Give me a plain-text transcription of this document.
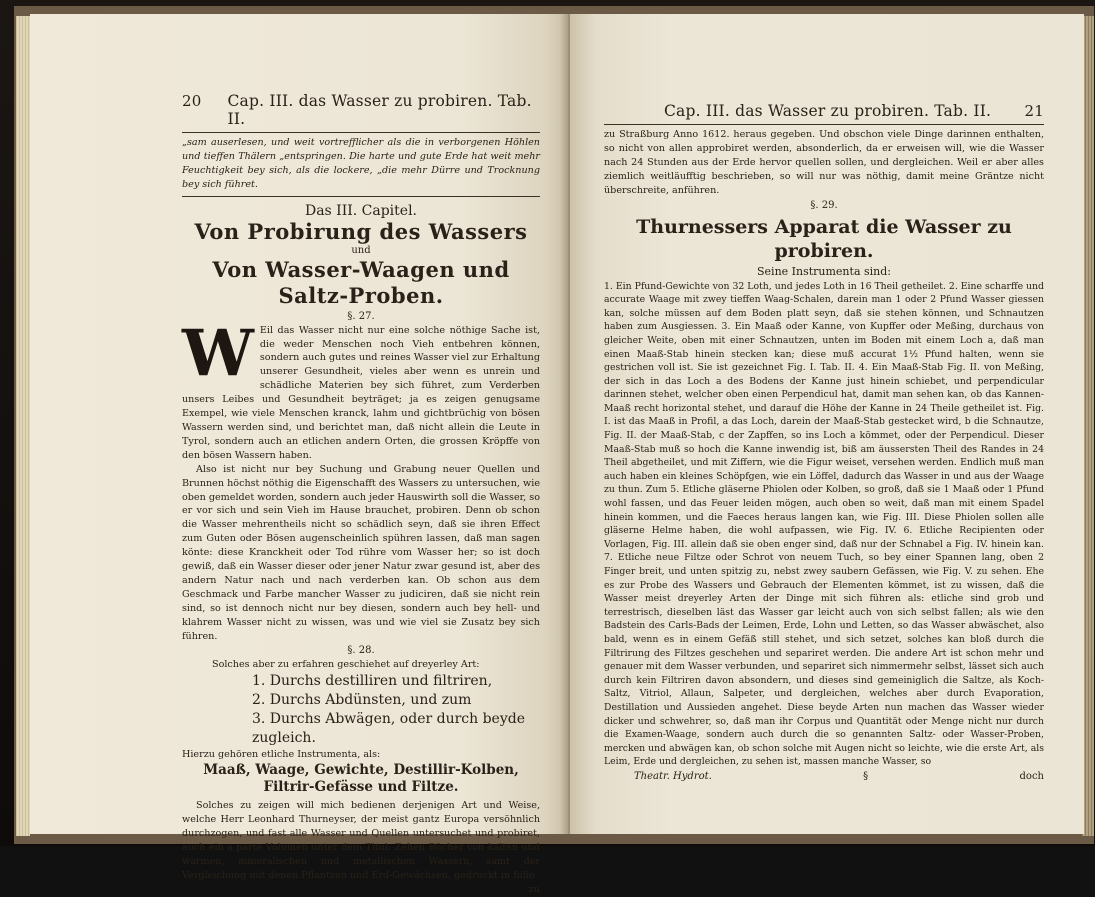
20 Cap. III. das Wasser zu probiren. Tab. II.
„sam auserlesen, und weit vortrefflicher als die in verborgenen Höhlen und tieffen Thälern „entspringen. Die harte und gute Erde hat weit mehr Feuchtigkeit bey sich, als die lockere, „die mehr Dürre und Trocknung bey sich führet.
Das III. Capitel.
Von Probirung des Wassers
und
Von Wasser-Waagen und Saltz-Proben.
§. 27.
W Eil das Wasser nicht nur eine solche nöthige Sache ist, die weder Menschen noch Vieh entbehren können, sondern auch gutes und reines Wasser viel zur Erhaltung unserer Gesundheit, vieles aber wenn es unrein und schädliche Materien bey sich führet, zum Verderben unsers Leibes und Gesundheit beyträget; ja es zeigen genugsame Exempel, wie viele Menschen kranck, lahm und gichtbrüchig von bösen Wassern werden sind, und berichtet man, daß nicht allein die Leute in Tyrol, sondern auch an etlichen andern Orten, die grossen Kröpffe von den bösen Wassern haben.
Also ist nicht nur bey Suchung und Grabung neuer Quellen und Brunnen höchst nöthig die Eigenschafft des Wassers zu untersuchen, wie oben gemeldet worden, sondern auch jeder Hauswirth soll die Wasser, so er vor sich und sein Vieh im Hause brauchet, probiren. Denn ob schon die Wasser mehrentheils nicht so schädlich seyn, daß sie ihren Effect zum Guten oder Bösen augenscheinlich spühren lassen, daß man sagen könte: diese Kranckheit oder Tod rühre vom Wasser her; so ist doch gewiß, daß ein Wasser dieser oder jener Natur zwar gesund ist, aber des andern Natur nach und nach verderben kan. Ob schon aus dem Geschmack und Farbe mancher Wasser zu judiciren, daß sie nicht rein sind, so ist dennoch nicht nur bey diesen, sondern auch bey hell- und klahrem Wasser nicht zu wissen, was und wie viel sie Zusatz bey sich führen.
§. 28.
Solches aber zu erfahren geschiehet auf dreyerley Art:
1. Durchs destilliren und filtriren,
2. Durchs Abdünsten, und zum
3. Durchs Abwägen, oder durch beyde zugleich.
Hierzu gehören etliche Instrumenta, als:
Maaß, Waage, Gewichte, Destillir-Kolben, Filtrir-Gefässe und Filtze.
Solches zu zeigen will mich bedienen derjenigen Art und Weise, welche Herr Leonhard Thurneyser, der meist gantz Europa versöhnlich durchzogen, und fast alle Wasser und Quellen untersuchet und probiret, auch ein a parte Volumen unter dem Titul: Zehen Bücher von kalten und warmen, mineralischen und metallischen Wassern, samt der Vergleichung mit denen Pflantzen und Erd-Gewächsen, gedruckt in folio
zu
Cap. III. das Wasser zu probiren. Tab. II. 21
zu Straßburg Anno 1612. heraus gegeben. Und obschon viele Dinge darinnen enthalten, so nicht von allen approbiret werden, absonderlich, da er erweisen will, wie die Wasser nach 24 Stunden aus der Erde hervor quellen sollen, und dergleichen. Weil er aber alles ziemlich weitläufftig beschrieben, so will nur was nöthig, damit meine Gräntze nicht überschreite, anführen.
§. 29.
Thurnessers Apparat die Wasser zu probiren.
Seine Instrumenta sind:
1. Ein Pfund-Gewichte von 32 Loth, und jedes Loth in 16 Theil getheilet. 2. Eine scharffe und accurate Waage mit zwey tieffen Waag-Schalen, darein man 1 oder 2 Pfund Wasser giessen kan, solche müssen auf dem Boden platt seyn, daß sie stehen können, und Schnautzen haben zum Ausgiessen. 3. Ein Maaß oder Kanne, von Kupffer oder Meßing, durchaus von gleicher Weite, oben mit einer Schnautzen, unten im Boden mit einem Loch a, daß man einen Maaß-Stab hinein stecken kan; diese muß accurat 1½ Pfund halten, wenn sie gestrichen voll ist. Sie ist gezeichnet Fig. I. Tab. II. 4. Ein Maaß-Stab Fig. II. von Meßing, der sich in das Loch a des Bodens der Kanne just hinein schiebet, und perpendicular darinnen stehet, welcher oben einen Perpendicul hat, damit man sehen kan, ob das Kannen-Maaß recht horizontal stehet, und darauf die Höhe der Kanne in 24 Theile getheilet ist. Fig. I. ist das Maaß in Profil, a das Loch, darein der Maaß-Stab gestecket wird, b die Schnautze, Fig. II. der Maaß-Stab, c der Zapffen, so ins Loch a kömmet, oder der Perpendicul. Dieser Maaß-Stab muß so hoch die Kanne inwendig ist, biß am äussersten Theil des Randes in 24 Theil abgetheilet, und mit Ziffern, wie die Figur weiset, versehen werden. Endlich muß man auch haben ein kleines Schöpfgen, wie ein Löffel, dadurch das Wasser in und aus der Waage zu thun. Zum 5. Etliche gläserne Phiolen oder Kolben, so groß, daß sie 1 Maaß oder 1 Pfund wohl fassen, und das Feuer leiden mögen, auch oben so weit, daß man mit einem Spadel hinein kommen, und die Faeces heraus langen kan, wie Fig. III. Diese Phiolen sollen alle gläserne Helme haben, die wohl aufpassen, wie Fig. IV. 6. Etliche Recipienten oder Vorlagen, Fig. III. allein daß sie oben enger sind, daß nur der Schnabel a Fig. IV. hinein kan. 7. Etliche neue Filtze oder Schrot von neuem Tuch, so bey einer Spannen lang, oben 2 Finger breit, und unten spitzig zu, nebst zwey saubern Gefässen, wie Fig. V. zu sehen. Ehe es zur Probe des Wassers und Gebrauch der Elementen kömmet, ist zu wissen, daß die Wasser meist dreyerley Arten der Dinge mit sich führen als: etliche sind grob und terrestrisch, dieselben läst das Wasser gar leicht auch von sich selbst fallen; als wie den Badstein des Carls-Bads der Leimen, Erde, Lohn und Letten, so das Wasser abwäschet, also bald, wenn es in einem Gefäß still stehet, und sich setzet, solches kan bloß durch die Filtrirung des Filtzes geschehen und separiret werden. Die andere Art ist schon mehr und genauer mit dem Wasser verbunden, und separiret sich nimmermehr selbst, lässet sich auch durch kein Filtriren davon absondern, und dieses sind gemeiniglich die Saltze, als Koch-Saltz, Vitriol, Allaun, Salpeter, und dergleichen, welches aber durch Evaporation, Destillation und Aussieden angehet. Diese beyde Arten nun machen das Wasser wieder dicker und schwehrer, so, daß man ihr Corpus und Quantität oder Menge nicht nur durch die Examen-Waage, sondern auch durch die so genannten Saltz- oder Wasser-Proben, mercken und abwägen kan, ob schon solche mit Augen nicht so leichte, wie die erste Art, als Leim, Erde und dergleichen, zu sehen ist, massen manche Wasser, so
Theatr. Hydrot.	§	doch
